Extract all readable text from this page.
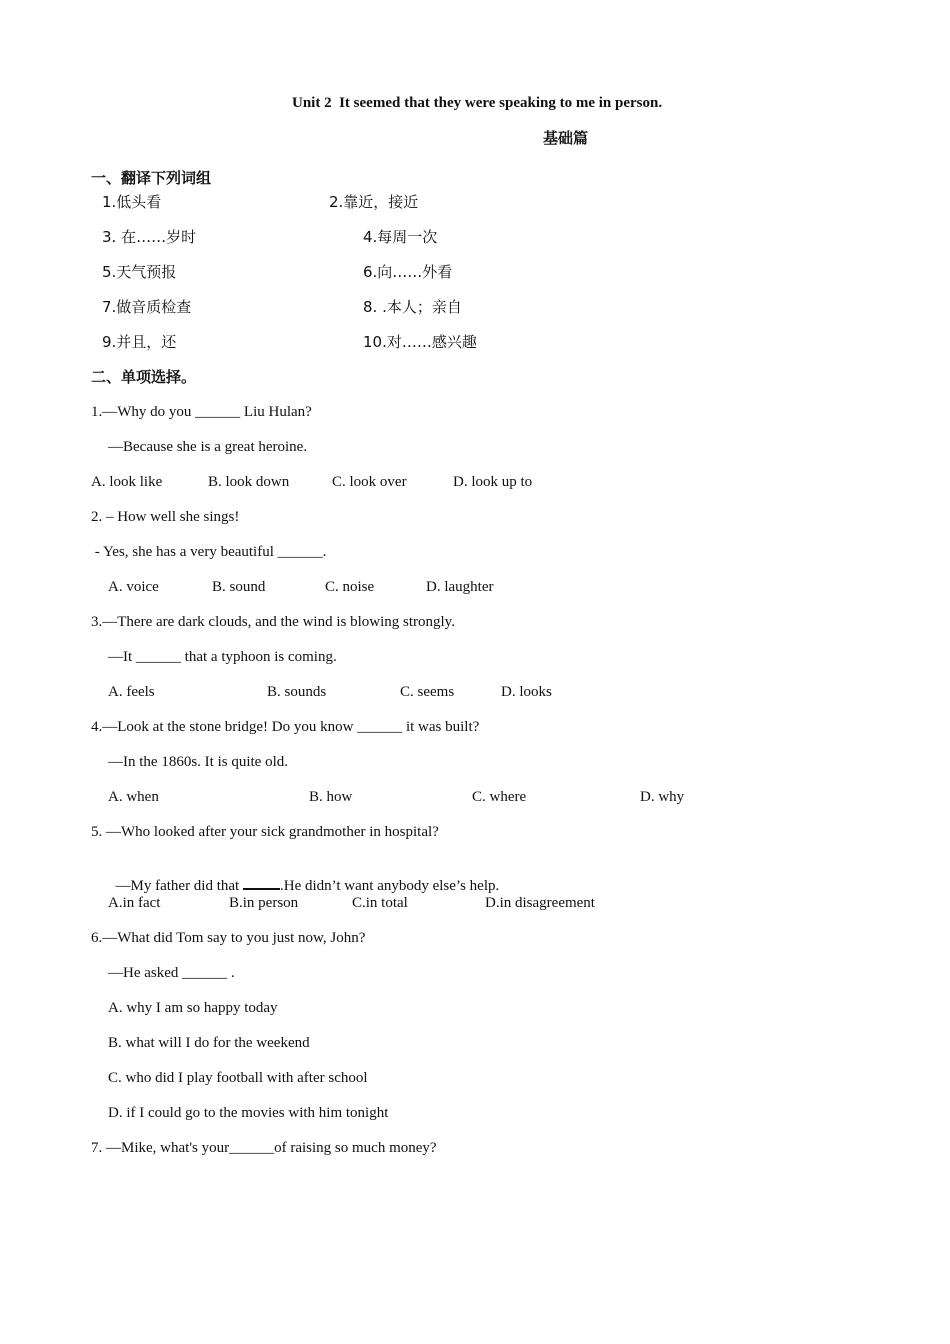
Unit 2  It seemed that they were speaking to me in person.
基础篇
一、翻译下列词组
1.低头看	2.靠近，接近
3. 在……岁时	4.每周一次
5.天气预报	6.向……外看
7.做音质检查	8. .本人；亲自
9.并且，还	10.对……感兴趣
二、单项选择。
1.—Why do you ______ Liu Hulan?
—Because she is a great heroine.
A. look like	B. look down	C. look over	D. look up to
2. – How well she sings!
- Yes, she has a very beautiful ______.
A. voice	B. sound	C. noise	D. laughter
3.—There are dark clouds, and the wind is blowing strongly.
—It ______ that a typhoon is coming.
A. feels	B. sounds	C. seems	D. looks
4.—Look at the stone bridge! Do you know ______ it was built?
—In the 1860s. It is quite old.
A. when	B. how	C. where	D. why
5. —Who looked after your sick grandmother in hospital?

—My father did that .He didn’t want anybody else’s help.

A.in fact	B.in person	C.in total	D.in disagreement
6.—What did Tom say to you just now, John?
—He asked ______ .
A. why I am so happy today
B. what will I do for the weekend
C. who did I play football with after school
D. if I could go to the movies with him tonight
7. —Mike, what's your______of raising so much money?
